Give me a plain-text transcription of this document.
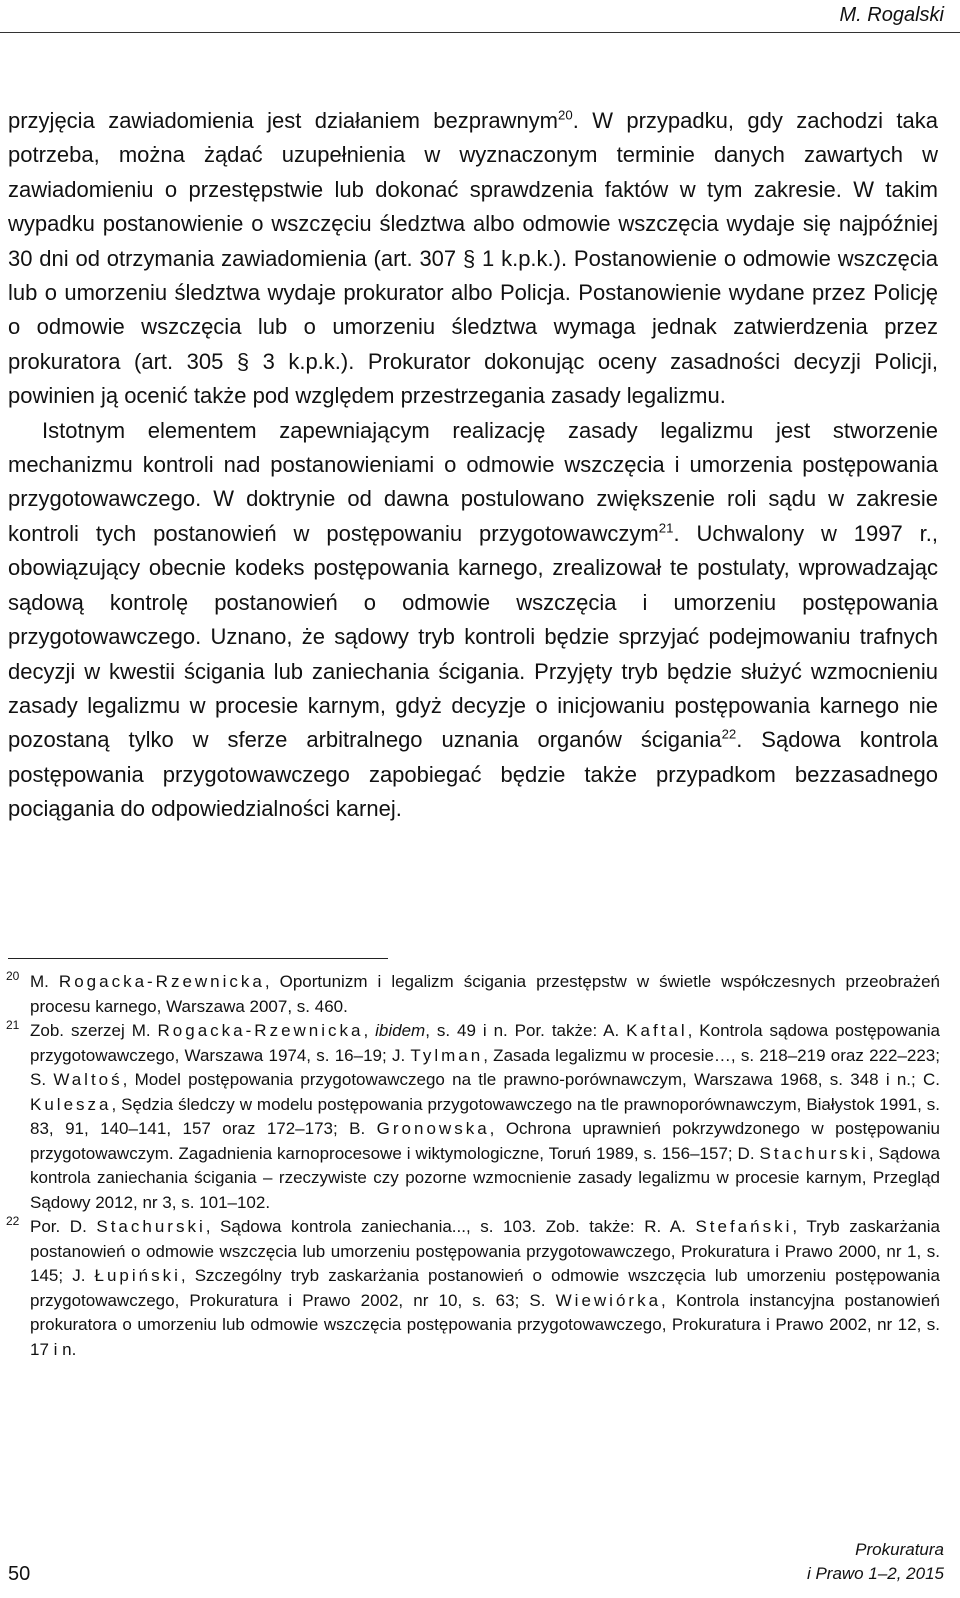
M. Rogalski

przyjęcia zawiadomienia jest działaniem bezprawnym$^{20}$. W przypadku, gdy zachodzi taka potrzeba, można żądać uzupełnienia w wyznaczonym terminie danych zawartych w zawiadomieniu o przestępstwie lub dokonać sprawdzenia faktów w tym zakresie. W takim wypadku postanowienie o wszczęciu śledztwa albo odmowie wszczęcia wydaje się najpóźniej 30 dni od otrzymania zawiadomienia (art. 307 § 1 k.p.k.). Postanowienie o odmowie wszczęcia lub o umorzeniu śledztwa wydaje prokurator albo Policja. Postanowienie wydane przez Policję o odmowie wszczęcia lub o umorzeniu śledztwa wymaga jednak zatwierdzenia przez prokuratora (art. 305 § 3 k.p.k.). Prokurator dokonując oceny zasadności decyzji Policji, powinien ją ocenić także pod względem przestrzegania zasady legalizmu.

Istotnym elementem zapewniającym realizację zasady legalizmu jest stworzenie mechanizmu kontroli nad postanowieniami o odmowie wszczęcia i umorzenia postępowania przygotowawczego. W doktrynie od dawna postulowano zwiększenie roli sądu w zakresie kontroli tych postanowień w postępowaniu przygotowawczym$^{21}$. Uchwalony w 1997 r., obowiązujący obecnie kodeks postępowania karnego, zrealizował te postulaty, wprowadzając sądową kontrolę postanowień o odmowie wszczęcia i umorzeniu postępowania przygotowawczego. Uznano, że sądowy tryb kontroli będzie sprzyjać podejmowaniu trafnych decyzji w kwestii ścigania lub zaniechania ścigania. Przyjęty tryb będzie służyć wzmocnieniu zasady legalizmu w procesie karnym, gdyż decyzje o inicjowaniu postępowania karnego nie pozostaną tylko w sferze arbitralnego uznania organów ścigania$^{22}$. Sądowa kontrola postępowania przygotowawczego zapobiegać będzie także przypadkom bezzasadnego pociągania do odpowiedzialności karnej.

20 M. Rogacka-Rzewnicka, Oportunizm i legalizm ścigania przestępstw w świetle współczesnych przeobrażeń procesu karnego, Warszawa 2007, s. 460.
21 Zob. szerzej M. Rogacka-Rzewnicka, ibidem, s. 49 i n. Por. także: A. Kaftal, Kontrola sądowa postępowania przygotowawczego, Warszawa 1974, s. 16–19; J. Tylman, Zasada legalizmu w procesie…, s. 218–219 oraz 222–223; S. Waltoś, Model postępowania przygotowawczego na tle prawno-porównawczym, Warszawa 1968, s. 348 i n.; C. Kulesza, Sędzia śledczy w modelu postępowania przygotowawczego na tle prawnoporównawczym, Białystok 1991, s. 83, 91, 140–141, 157 oraz 172–173; B. Gronowska, Ochrona uprawnień pokrzywdzonego w postępowaniu przygotowawczym. Zagadnienia karnoprocesowe i wiktymologiczne, Toruń 1989, s. 156–157; D. Stachurski, Sądowa kontrola zaniechania ścigania – rzeczywiste czy pozorne wzmocnienie zasady legalizmu w procesie karnym, Przegląd Sądowy 2012, nr 3, s. 101–102.
22 Por. D. Stachurski, Sądowa kontrola zaniechania..., s. 103. Zob. także: R. A. Stefański, Tryb zaskarżania postanowień o odmowie wszczęcia lub umorzeniu postępowania przygotowawczego, Prokuratura i Prawo 2000, nr 1, s. 145; J. Łupiński, Szczególny tryb zaskarżania postanowień o odmowie wszczęcia lub umorzeniu postępowania przygotowawczego, Prokuratura i Prawo 2002, nr 10, s. 63; S. Wiewiórka, Kontrola instancyjna postanowień prokuratora o umorzeniu lub odmowie wszczęcia postępowania przygotowawczego, Prokuratura i Prawo 2002, nr 12, s. 17 i n.
50
Prokuratura
i Prawo 1–2, 2015
